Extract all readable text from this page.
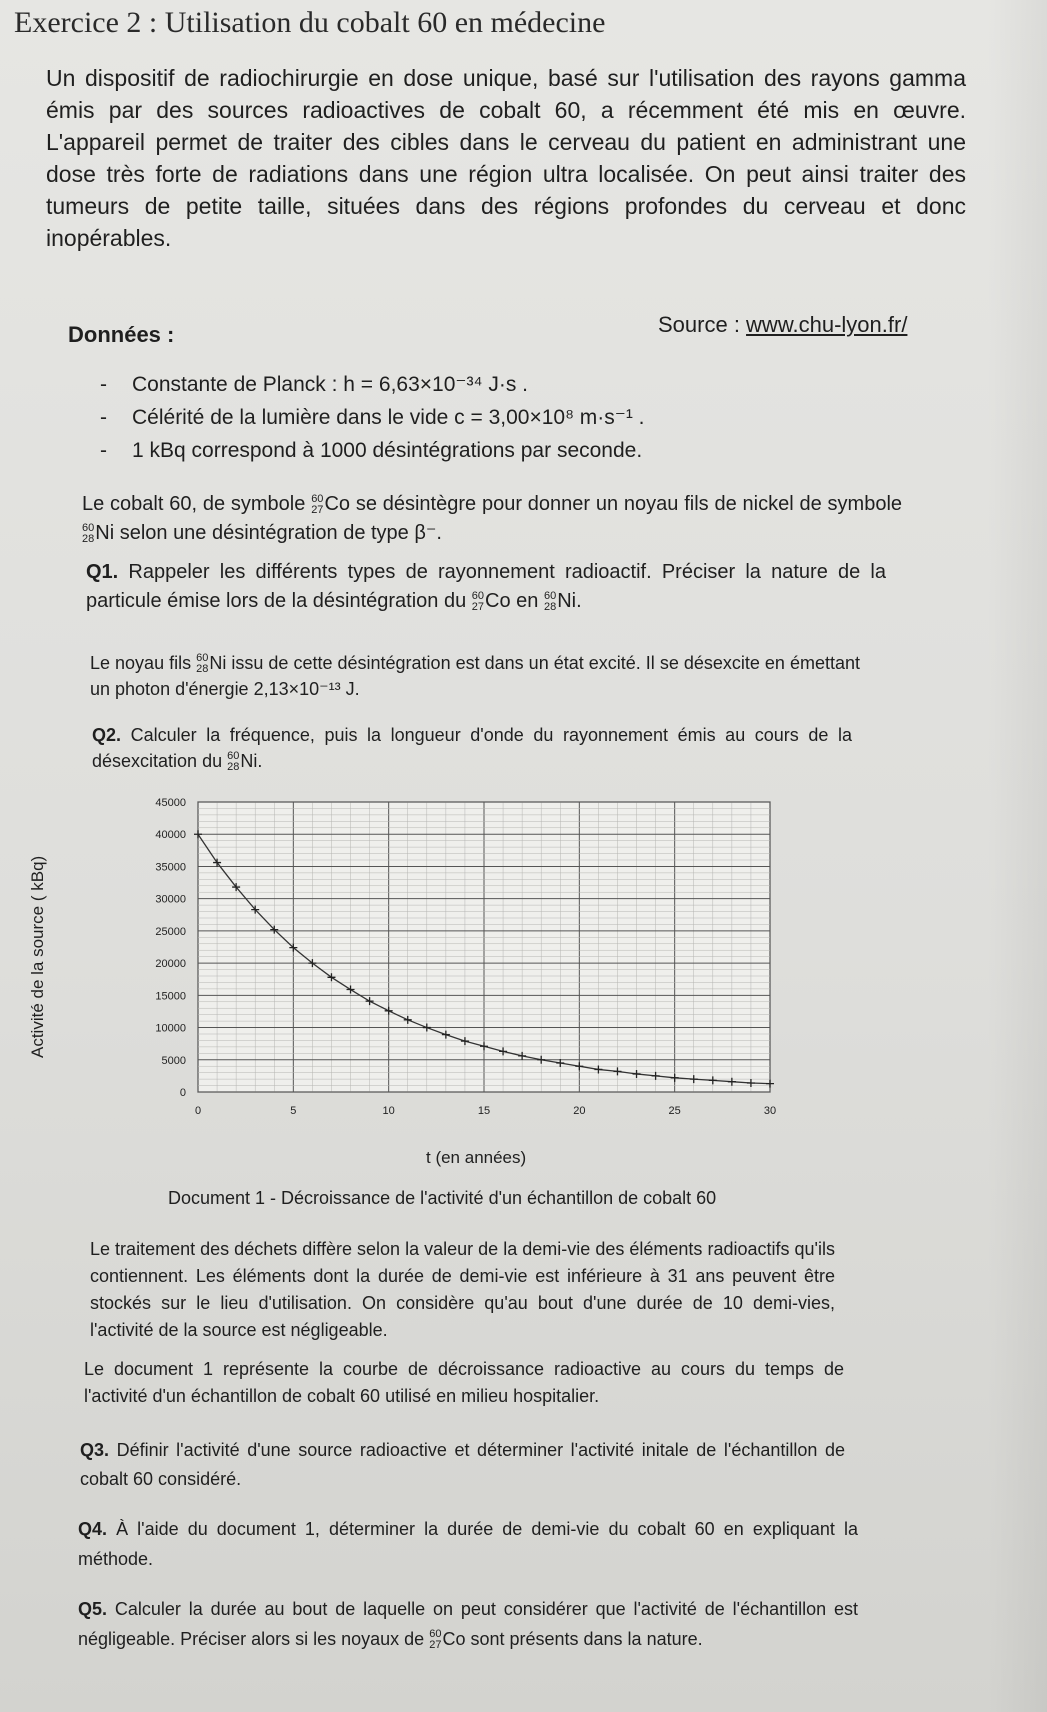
Exercice 2 : Utilisation du cobalt 60 en médecine
Un dispositif de radiochirurgie en dose unique, basé sur l'utilisation des rayons gamma émis par des sources radioactives de cobalt 60, a récemment été mis en œuvre. L'appareil permet de traiter des cibles dans le cerveau du patient en administrant une dose très forte de radiations dans une région ultra localisée. On peut ainsi traiter des tumeurs de petite taille, situées dans des régions profondes du cerveau et donc inopérables.
Données :	Source : www.chu-lyon.fr/
- Constante de Planck : h = 6,63×10⁻³⁴ J·s .
- Célérité de la lumière dans le vide c = 3,00×10⁸ m·s⁻¹ .
- 1 kBq correspond à 1000 désintégrations par seconde.
Le cobalt 60, de symbole 60
27 Co se désintègre pour donner un noyau fils de nickel de symbole
60
28 Ni selon une désintégration de type β⁻.
Q1. Rappeler les différents types de rayonnement radioactif. Préciser la nature de la particule émise lors de la désintégration du 60
27 Co en 60
28 Ni.
Le noyau fils 60
28 Ni issu de cette désintégration est dans un état excité. Il se désexcite en émettant un photon d'énergie 2,13×10⁻¹³ J.
Q2. Calculer la fréquence, puis la longueur d'onde du rayonnement émis au cours de la désexcitation du 60
28 Ni.
Activité de la source ( kBq)
0	5	10	15	20	25	30
0
5000
10000
15000
20000
25000
30000
35000
40000
45000
t (en années)
Document 1 - Décroissance de l'activité d'un échantillon de cobalt 60
Le traitement des déchets diffère selon la valeur de la demi-vie des éléments radioactifs qu'ils contiennent. Les éléments dont la durée de demi-vie est inférieure à 31 ans peuvent être stockés sur le lieu d'utilisation. On considère qu'au bout d'une durée de 10 demi-vies, l'activité de la source est négligeable.
Le document 1 représente la courbe de décroissance radioactive au cours du temps de l'activité d'un échantillon de cobalt 60 utilisé en milieu hospitalier.
Q3. Définir l'activité d'une source radioactive et déterminer l'activité initale de l'échantillon de cobalt 60 considéré.
Q4. À l'aide du document 1, déterminer la durée de demi-vie du cobalt 60 en expliquant la méthode.
Q5. Calculer la durée au bout de laquelle on peut considérer que l'activité de l'échantillon est négligeable. Préciser alors si les noyaux de 60
27 Co sont présents dans la nature.
